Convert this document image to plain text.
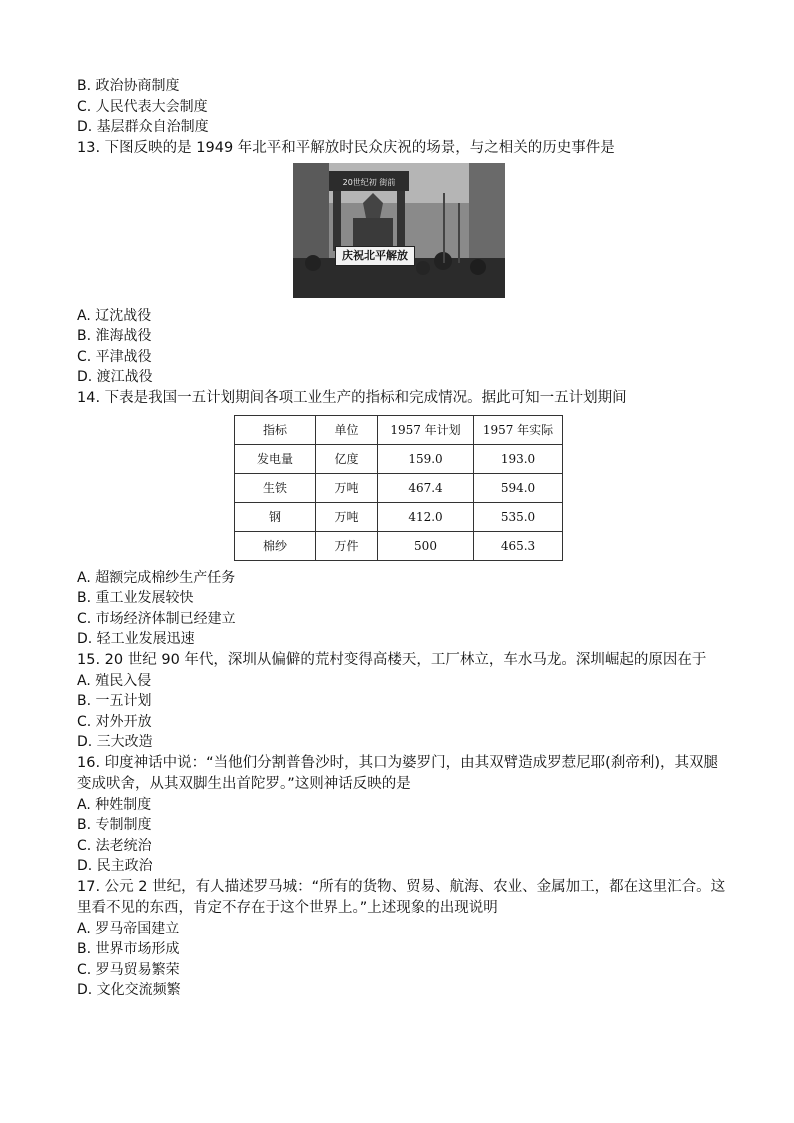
B. 政治协商制度
C. 人民代表大会制度
D. 基层群众自治制度
13. 下图反映的是 1949 年北平和平解放时民众庆祝的场景，与之相关的历史事件是
20世纪初 街前
庆祝北平解放
A. 辽沈战役
B. 淮海战役
C. 平津战役
D. 渡江战役
14. 下表是我国一五计划期间各项工业生产的指标和完成情况。据此可知一五计划期间
指标	单位	1957 年计划	1957 年实际
发电量	亿度	159.0	193.0
生铁	万吨	467.4	594.0
钢	万吨	412.0	535.0
棉纱	万件	500	465.3
A. 超额完成棉纱生产任务
B. 重工业发展较快
C. 市场经济体制已经建立
D. 轻工业发展迅速
15. 20 世纪 90 年代，深圳从偏僻的荒村变得高楼天，工厂林立，车水马龙。深圳崛起的原因在于
A. 殖民入侵
B. 一五计划
C. 对外开放
D. 三大改造
16. 印度神话中说：“当他们分割普鲁沙时，其口为婆罗门，由其双臂造成罗惹尼耶(刹帝利)，其双腿变成吠舍，从其双脚生出首陀罗。”这则神话反映的是
A. 种姓制度
B. 专制制度
C. 法老统治
D. 民主政治
17. 公元 2 世纪，有人描述罗马城：“所有的货物、贸易、航海、农业、金属加工，都在这里汇合。这里看不见的东西，肯定不存在于这个世界上。”上述现象的出现说明
A. 罗马帝国建立
B. 世界市场形成
C. 罗马贸易繁荣
D. 文化交流频繁
